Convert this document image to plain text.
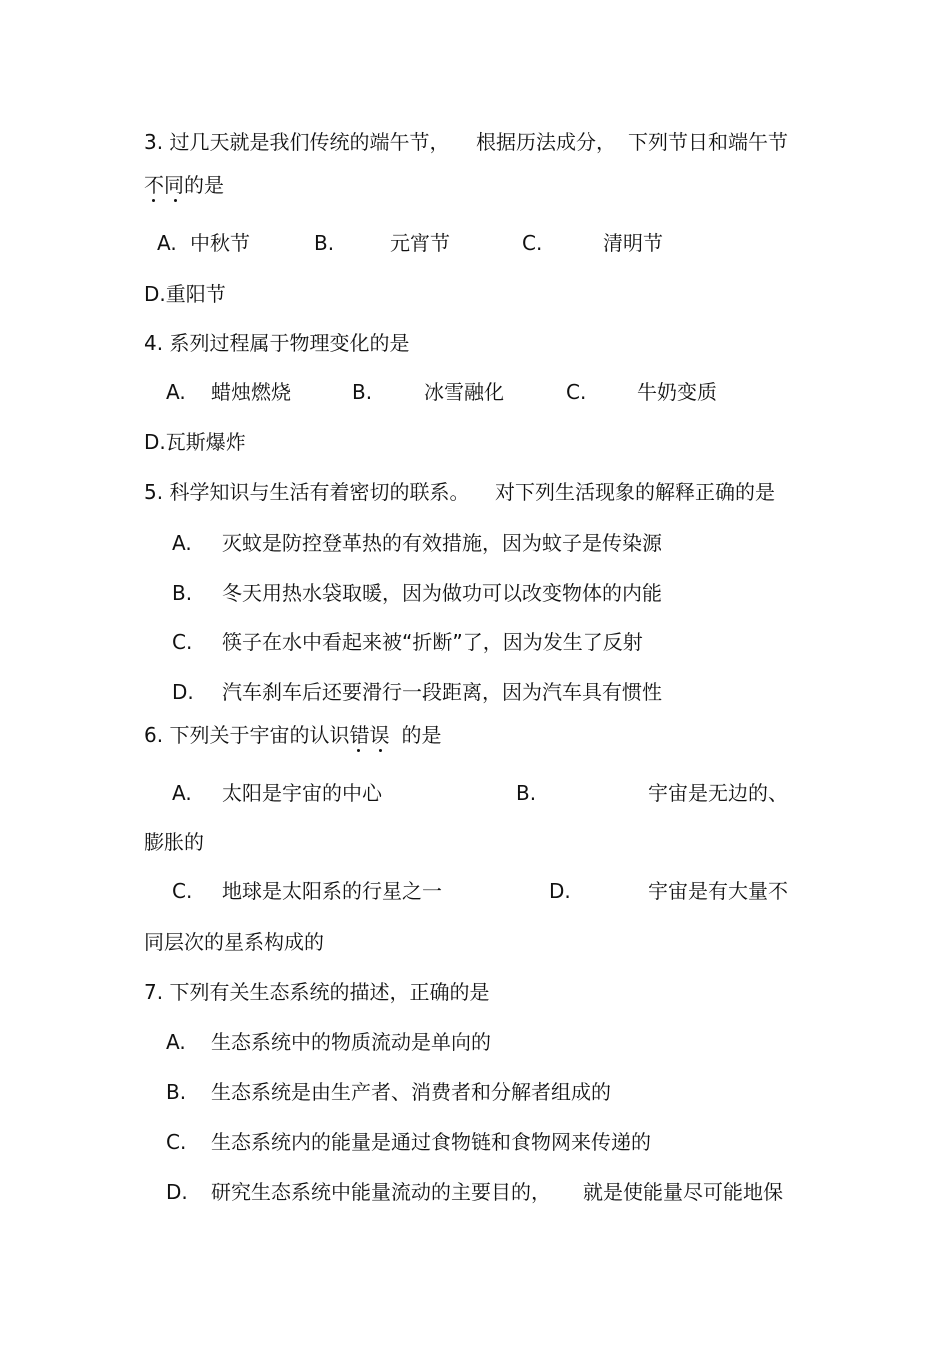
3. 过几天就是我们传统的端午节， 根据历法成分， 下列节日和端午节
不同
的是
A. 中秋节	B.	元宵节	C.	清明节
D.重阳节
4. 系列过程属于物理变化的是
A. 蜡烛燃烧	B.	冰雪融化	C.	牛奶变质
D.瓦斯爆炸
5. 科学知识与生活有着密切的联系。 对下列生活现象的解释正确的是
A. 灭蚊是防控登革热的有效措施，因为蚊子是传染源
B. 冬天用热水袋取暖，因为做功可以改变物体的内能
C. 筷子在水中看起来被“折断”了，因为发生了反射
D. 汽车刹车后还要滑行一段距离，因为汽车具有惯性
6. 下列关于宇宙的认识错误 的是
A. 太阳是宇宙的中心	B.	宇宙是无边的、
膨胀的
C. 地球是太阳系的行星之一	D.	宇宙是有大量不
同层次的星系构成的
7. 下列有关生态系统的描述，正确的是
A. 生态系统中的物质流动是单向的
B. 生态系统是由生产者、消费者和分解者组成的
C. 生态系统内的能量是通过食物链和食物网来传递的
D. 研究生态系统中能量流动的主要目的， 就是使能量尽可能地保
